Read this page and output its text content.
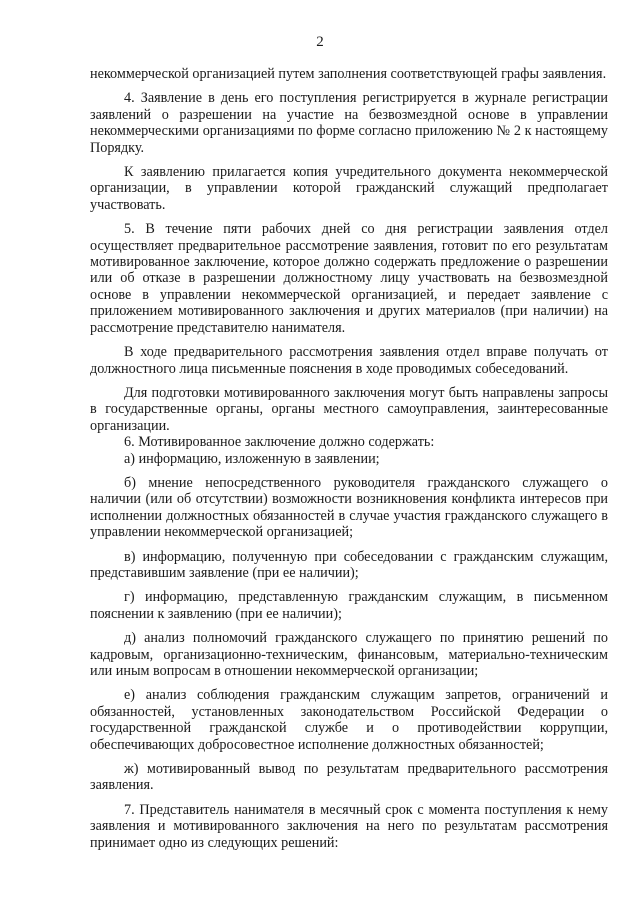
2

некоммерческой организацией путем заполнения соответствующей графы заявления.

4. Заявление в день его поступления регистрируется в журнале регистрации заявлений о разрешении на участие на безвозмездной основе в управлении некоммерческими организациями по форме согласно приложению № 2 к настоящему Порядку.

К заявлению прилагается копия учредительного документа некоммерческой организации, в управлении которой гражданский служащий предполагает участвовать.

5. В течение пяти рабочих дней со дня регистрации заявления отдел осуществляет предварительное рассмотрение заявления, готовит по его результатам мотивированное заключение, которое должно содержать предложение о разрешении или об отказе в разрешении должностному лицу участвовать на безвозмездной основе в управлении некоммерческой организацией, и передает заявление с приложением мотивированного заключения и других материалов (при наличии) на рассмотрение представителю нанимателя.

В ходе предварительного рассмотрения заявления отдел вправе получать от должностного лица письменные пояснения в ходе проводимых собеседований.

Для подготовки мотивированного заключения могут быть направлены запросы в государственные органы, органы местного самоуправления, заинтересованные организации.

6. Мотивированное заключение должно содержать:

а) информацию, изложенную в заявлении;

б) мнение непосредственного руководителя гражданского служащего о наличии (или об отсутствии) возможности возникновения конфликта интересов при исполнении должностных обязанностей в случае участия гражданского служащего в управлении некоммерческой организацией;

в) информацию, полученную при собеседовании с гражданским служащим, представившим заявление (при ее наличии);

г) информацию, представленную гражданским служащим, в письменном пояснении к заявлению (при ее наличии);

д) анализ полномочий гражданского служащего по принятию решений по кадровым, организационно-техническим, финансовым, материально-техническим или иным вопросам в отношении некоммерческой организации;

е) анализ соблюдения гражданским служащим запретов, ограничений и обязанностей, установленных законодательством Российской Федерации о государственной гражданской службе и о противодействии коррупции, обеспечивающих добросовестное исполнение должностных обязанностей;

ж) мотивированный вывод по результатам предварительного рассмотрения заявления.

7. Представитель нанимателя в месячный срок с момента поступления к нему заявления и мотивированного заключения на него по результатам рассмотрения принимает одно из следующих решений:
